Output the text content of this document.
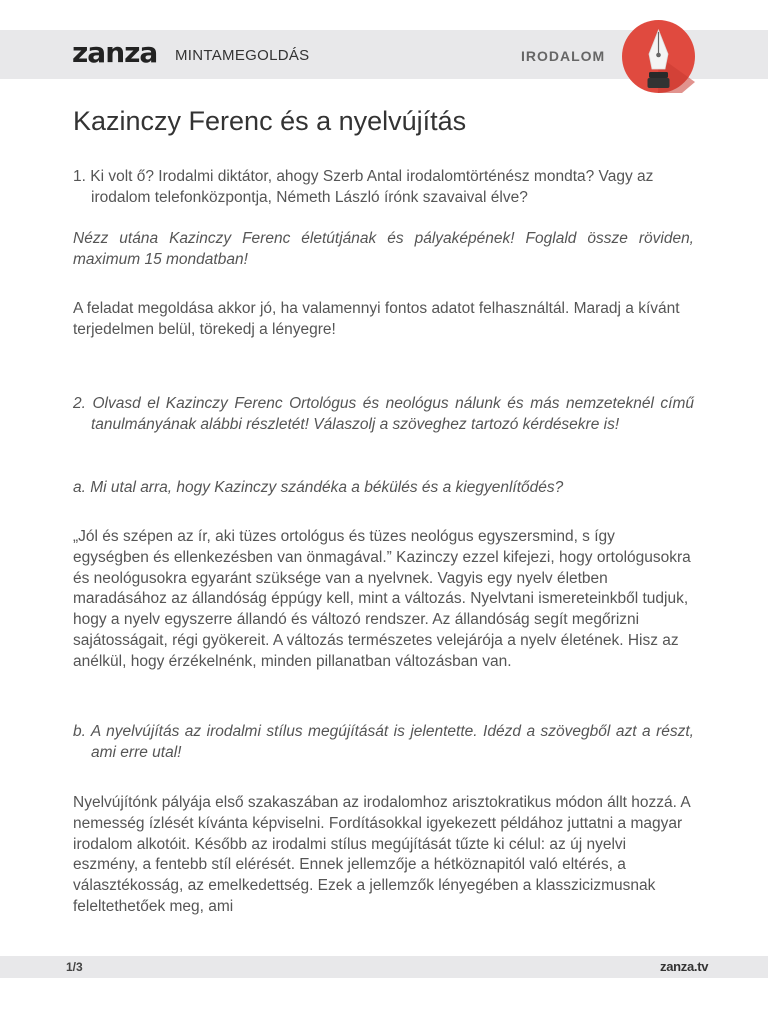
zanza MINTAMEGOLDÁS	IRODALOM
Kazinczy Ferenc és a nyelvújítás
1. Ki volt ő? Irodalmi diktátor, ahogy Szerb Antal irodalomtörténész mondta? Vagy az irodalom telefonközpontja, Németh László írónk szavaival élve?
Nézz utána Kazinczy Ferenc életútjának és pályaképének! Foglald össze röviden, maximum 15 mondatban!
A feladat megoldása akkor jó, ha valamennyi fontos adatot felhasználtál. Maradj a kívánt terjedelmen belül, törekedj a lényegre!
2. Olvasd el Kazinczy Ferenc Ortológus és neológus nálunk és más nemzeteknél című tanulmányának alábbi részletét! Válaszolj a szöveghez tartozó kérdésekre is!
a. Mi utal arra, hogy Kazinczy szándéka a békülés és a kiegyenlítődés?
„Jól és szépen az ír, aki tüzes ortológus és tüzes neológus egyszersmind, s így egységben és ellenkezésben van önmagával.” Kazinczy ezzel kifejezi, hogy ortológusokra és neológusokra egyaránt szüksége van a nyelvnek. Vagyis egy nyelv életben maradásához az állandóság éppúgy kell, mint a változás. Nyelvtani ismereteinkből tudjuk, hogy a nyelv egyszerre állandó és változó rendszer. Az állandóság segít megőrizni sajátosságait, régi gyökereit. A változás természetes velejárója a nyelv életének. Hisz az anélkül, hogy érzékelnénk, minden pillanatban változásban van.
b. A nyelvújítás az irodalmi stílus megújítását is jelentette. Idézd a szövegből azt a részt, ami erre utal!
Nyelvújítónk pályája első szakaszában az irodalomhoz arisztokratikus módon állt hozzá. A nemesség ízlését kívánta képviselni. Fordításokkal igyekezett példához juttatni a magyar irodalom alkotóit. Később az irodalmi stílus megújítását tűzte ki célul: az új nyelvi eszmény, a fentebb stíl elérését. Ennek jellemzője a hétköznapitól való eltérés, a választékosság, az emelkedettség. Ezek a jellemzők lényegében a klasszicizmusnak feleltethetőek meg, ami
1/3	zanza.tv
